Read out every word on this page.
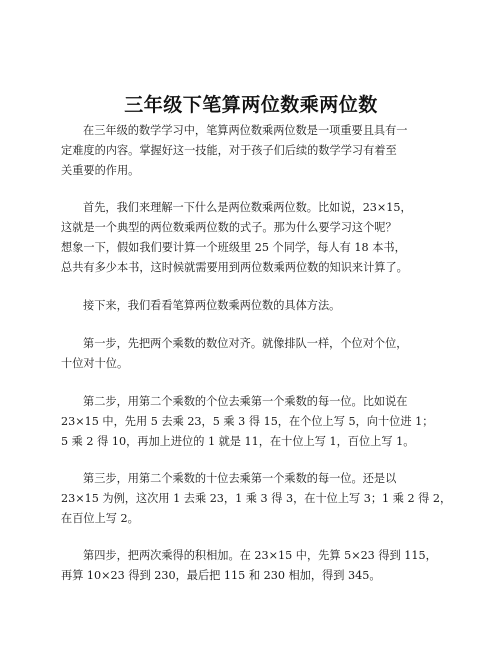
三年级下笔算两位数乘两位数
在三年级的数学学习中，笔算两位数乘两位数是一项重要且具有一
定难度的内容。掌握好这一技能，对于孩子们后续的数学学习有着至
关重要的作用。
首先，我们来理解一下什么是两位数乘两位数。比如说，23×15，
这就是一个典型的两位数乘两位数的式子。那为什么要学习这个呢？
想象一下，假如我们要计算一个班级里 25 个同学，每人有 18 本书，
总共有多少本书，这时候就需要用到两位数乘两位数的知识来计算了。
接下来，我们看看笔算两位数乘两位数的具体方法。
第一步，先把两个乘数的数位对齐。就像排队一样，个位对个位，
十位对十位。
第二步，用第二个乘数的个位去乘第一个乘数的每一位。比如说在
23×15 中，先用 5 去乘 23，5 乘 3 得 15，在个位上写 5，向十位进 1；
5 乘 2 得 10，再加上进位的 1 就是 11，在十位上写 1，百位上写 1。
第三步，用第二个乘数的十位去乘第一个乘数的每一位。还是以
23×15 为例，这次用 1 去乘 23，1 乘 3 得 3，在十位上写 3；1 乘 2 得 2，
在百位上写 2。
第四步，把两次乘得的积相加。在 23×15 中，先算 5×23 得到 115，
再算 10×23 得到 230，最后把 115 和 230 相加，得到 345。
